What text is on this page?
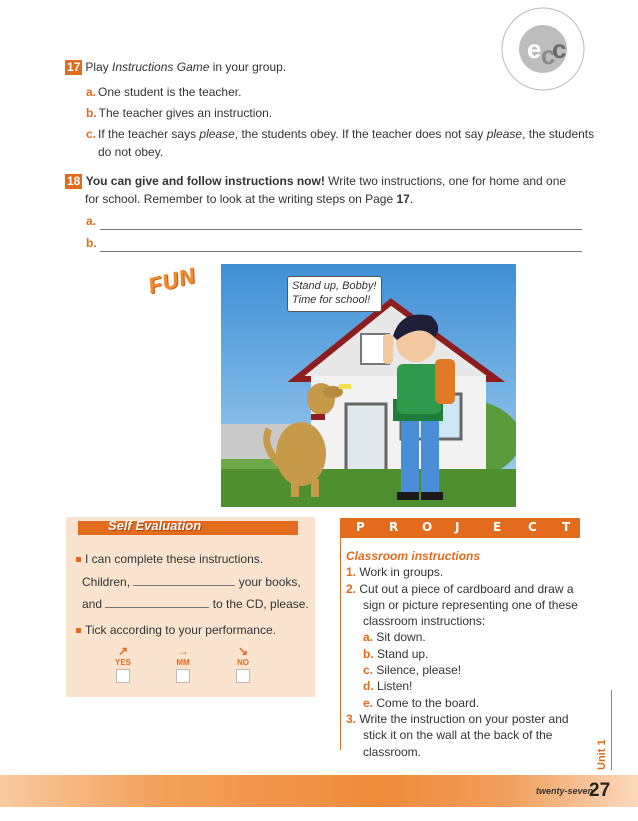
e c
c
17 Play Instructions Game in your group.
a. One student is the teacher.
b. The teacher gives an instruction.
c. If the teacher says please, the students obey. If the teacher does not say please, the students
do not obey.
18 You can give and follow instructions now! Write two instructions, one for home and one
for school. Remember to look at the writing steps on Page 17.
a.
b.
FUN	Stand up, Bobby!
Time for school!
Self Evaluation
I can complete these instructions.
Children,	your books,
and	to the CD, please.
Tick according to your performance.
↗
YES
→
MM
↘
NO
P R O J	E C T
Classroom instructions
1. Work in groups.
2. Cut out a piece of cardboard and draw a
sign or picture representing one of these
classroom instructions:
a. Sit down.
b. Stand up.
c. Silence, please!
d. Listen!
e. Come to the board.
3. Write the instruction on your poster and
stick it on the wall at the back of the
classroom.	Unit 1
twenty-seven
27
